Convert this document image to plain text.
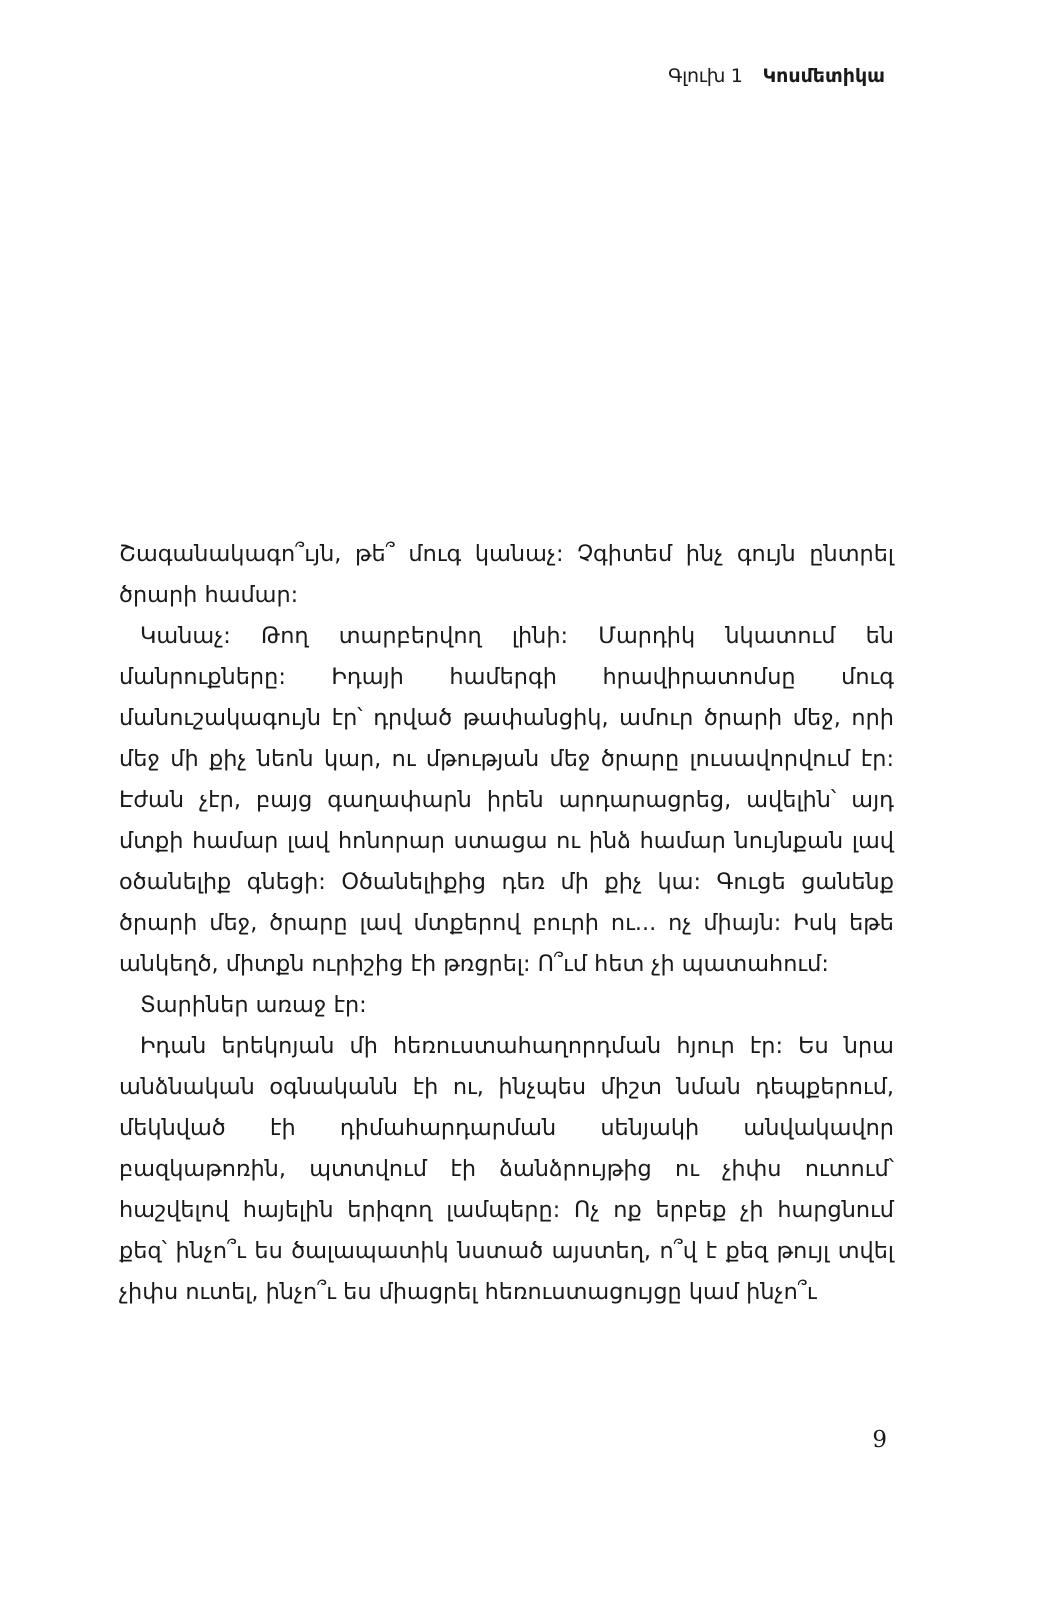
Գլուխ 1 Կոսմետիկա

Շագանակագո՞ւյն, թե՞ մուգ կանաչ: Չգիտեմ ինչ գույն ընտրել ծրարի համար:

Կանաչ: Թող տարբերվող լինի: Մարդիկ նկատում են մանրուքները: Իդայի համերգի հրավիրատոմսը մուգ մանուշակագույն էր՝ դրված թափանցիկ, ամուր ծրարի մեջ, որի մեջ մի քիչ նեոն կար, ու մթության մեջ ծրարը լուսավորվում էր: Էժան չէր, բայց գաղափարն իրեն արդարացրեց, ավելին՝ այդ մտքի համար լավ հոնորար ստացա ու ինձ համար նույնքան լավ օծանելիք գնեցի: Օծանելիքից դեռ մի քիչ կա: Գուցե ցանենք ծրարի մեջ, ծրարը լավ մտքերով բուրի ու... ոչ միայն: Իսկ եթե անկեղծ, միտքն ուրիշից էի թռցրել: Ո՞ւմ հետ չի պատահում:

Տարիներ առաջ էր:

Իդան երեկոյան մի հեռուստահաղորդման հյուր էր: Ես նրա անձնական օգնականն էի ու, ինչպես միշտ նման դեպքերում, մեկնված էի դիմահարդարման սենյակի անվակավոր բազկաթոռին, պտտվում էի ձանձրույթից ու չիփս ուտում՝ հաշվելով հայելին երիզող լամպերը: Ոչ ոք երբեք չի հարցնում քեզ՝ ինչո՞ւ ես ծալապատիկ նստած այստեղ, ո՞վ է քեզ թույլ տվել չիփս ուտել, ինչո՞ւ ես միացրել հեռուստացույցը կամ ինչո՞ւ

9
